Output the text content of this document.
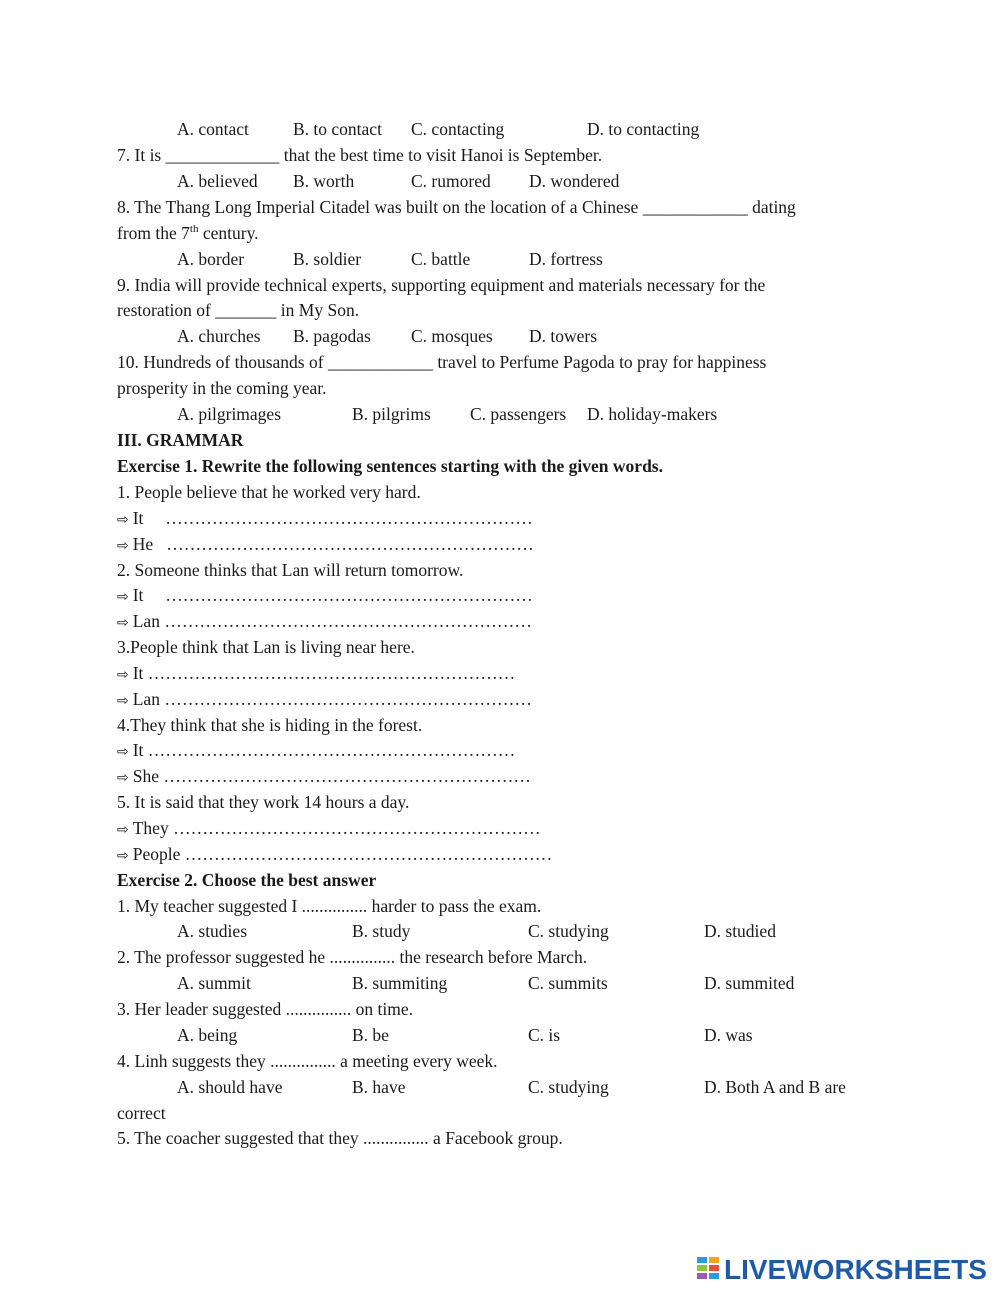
A. contact	B. to contact C. contacting	D. to contacting
7. It is _____________ that the best time to visit Hanoi is September.
A. believed B. worth	C. rumored D. wondered
8. The Thang Long Imperial Citadel was built on the location of a Chinese ____________ dating
from the 7th century.
A. border	B. soldier	C. battle	D. fortress
9. India will provide technical experts, supporting equipment and materials necessary for the
restoration of _______ in My Son.
A. churches B. pagodas C. mosques D. towers
10. Hundreds of thousands of ____________ travel to Perfume Pagoda to pray for happiness
prosperity in the coming year.
A. pilgrimages	B. pilgrims C. passengers D. holiday-makers
III. GRAMMAR
Exercise 1. Rewrite the following sentences starting with the given words.
1. People believe that he worked very hard.
⇨ It     ………………………………………………………
⇨ He   ………………………………………………………
2. Someone thinks that Lan will return tomorrow.
⇨ It     ………………………………………………………
⇨ Lan ………………………………………………………
3.People think that Lan is living near here.
⇨ It ………………………………………………………
⇨ Lan ………………………………………………………
4.They think that she is hiding in the forest.
⇨ It ………………………………………………………
⇨ She ………………………………………………………
5. It is said that they work 14 hours a day.
⇨ They ………………………………………………………
⇨ People ………………………………………………………
Exercise 2. Choose the best answer
1. My teacher suggested I ............... harder to pass the exam.
A. studies	B. study	C. studying	D. studied
2. The professor suggested he ............... the research before March.
A. summit	B. summiting	C. summits	D. summited
3. Her leader suggested ............... on time.
A. being	B. be	C. is	D. was
4. Linh suggests they ............... a meeting every week.
A. should have	B. have	C. studying	D. Both A and B are
correct
5. The coacher suggested that they ............... a Facebook group.
LIVEWORKSHEETS
